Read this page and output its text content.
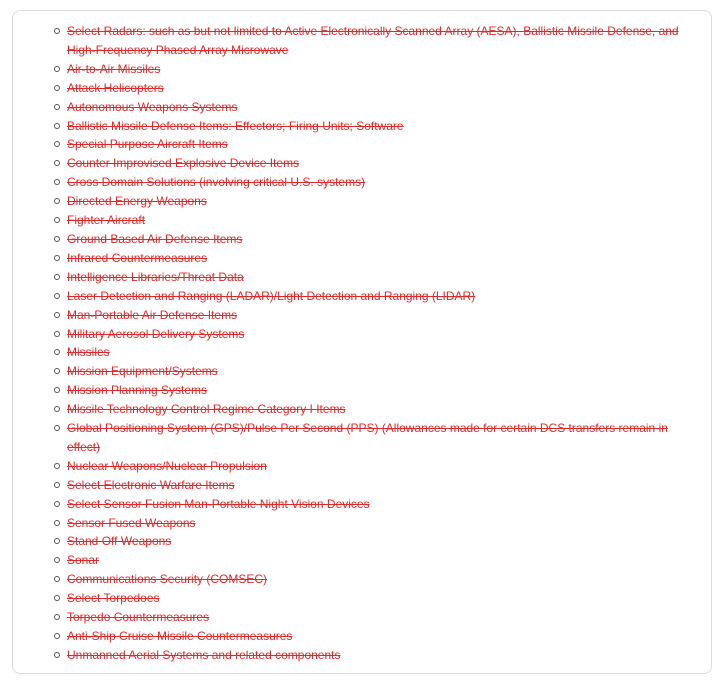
Select Radars: such as but not limited to Active Electronically Scanned Array (AESA), Ballistic Missile Defense, and High-Frequency Phased Array Microwave
Air-to-Air Missiles
Attack Helicopters
Autonomous Weapons Systems
Ballistic Missile Defense Items: Effectors; Firing Units; Software
Special Purpose Aircraft Items
Counter Improvised Explosive Device Items
Cross Domain Solutions (involving critical U.S. systems)
Directed Energy Weapons
Fighter Aircraft
Ground Based Air Defense Items
Infrared Countermeasures
Intelligence Libraries/Threat Data
Laser Detection and Ranging (LADAR)/Light Detection and Ranging (LIDAR)
Man-Portable Air Defense Items
Military Aerosol Delivery Systems
Missiles
Mission Equipment/Systems
Mission Planning Systems
Missile Technology Control Regime Category I Items
Global Positioning System (GPS)/Pulse Per Second (PPS) (Allowances made for certain DCS transfers remain in effect)
Nuclear Weapons/Nuclear Propulsion
Select Electronic Warfare Items
Select Sensor Fusion Man-Portable Night Vision Devices
Sensor Fused Weapons
Stand Off Weapons
Sonar
Communications Security (COMSEC)
Select Torpedoes
Torpedo Countermeasures
Anti-Ship Cruise Missile Countermeasures
Unmanned Aerial Systems and related components
